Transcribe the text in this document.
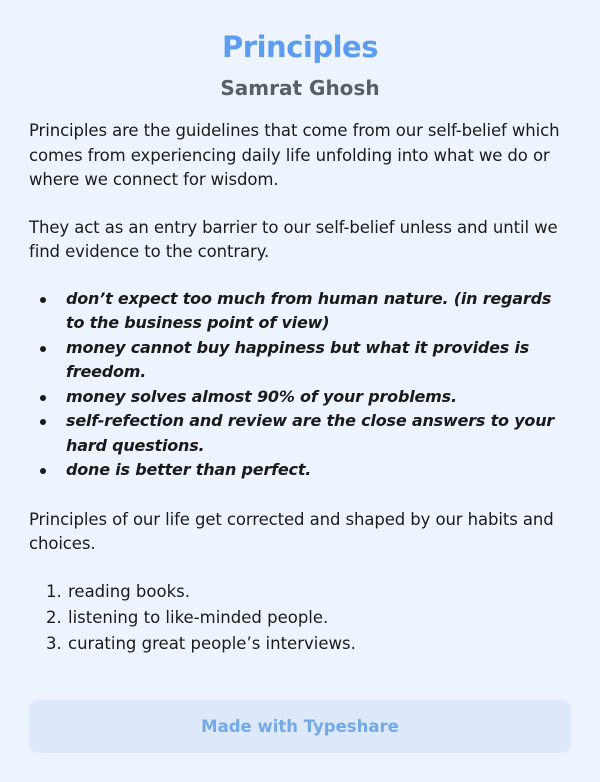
Principles
Samrat Ghosh

Principles are the guidelines that come from our self-belief which comes from experiencing daily life unfolding into what we do or where we connect for wisdom.

They act as an entry barrier to our self-belief unless and until we find evidence to the contrary.

don’t expect too much from human nature. (in regards to the business point of view)
money cannot buy happiness but what it provides is freedom.
money solves almost 90% of your problems.
self-refection and review are the close answers to your hard questions.
done is better than perfect.

Principles of our life get corrected and shaped by our habits and choices.

1. reading books.
2. listening to like-minded people.
3. curating great people’s interviews.
Made with Typeshare
